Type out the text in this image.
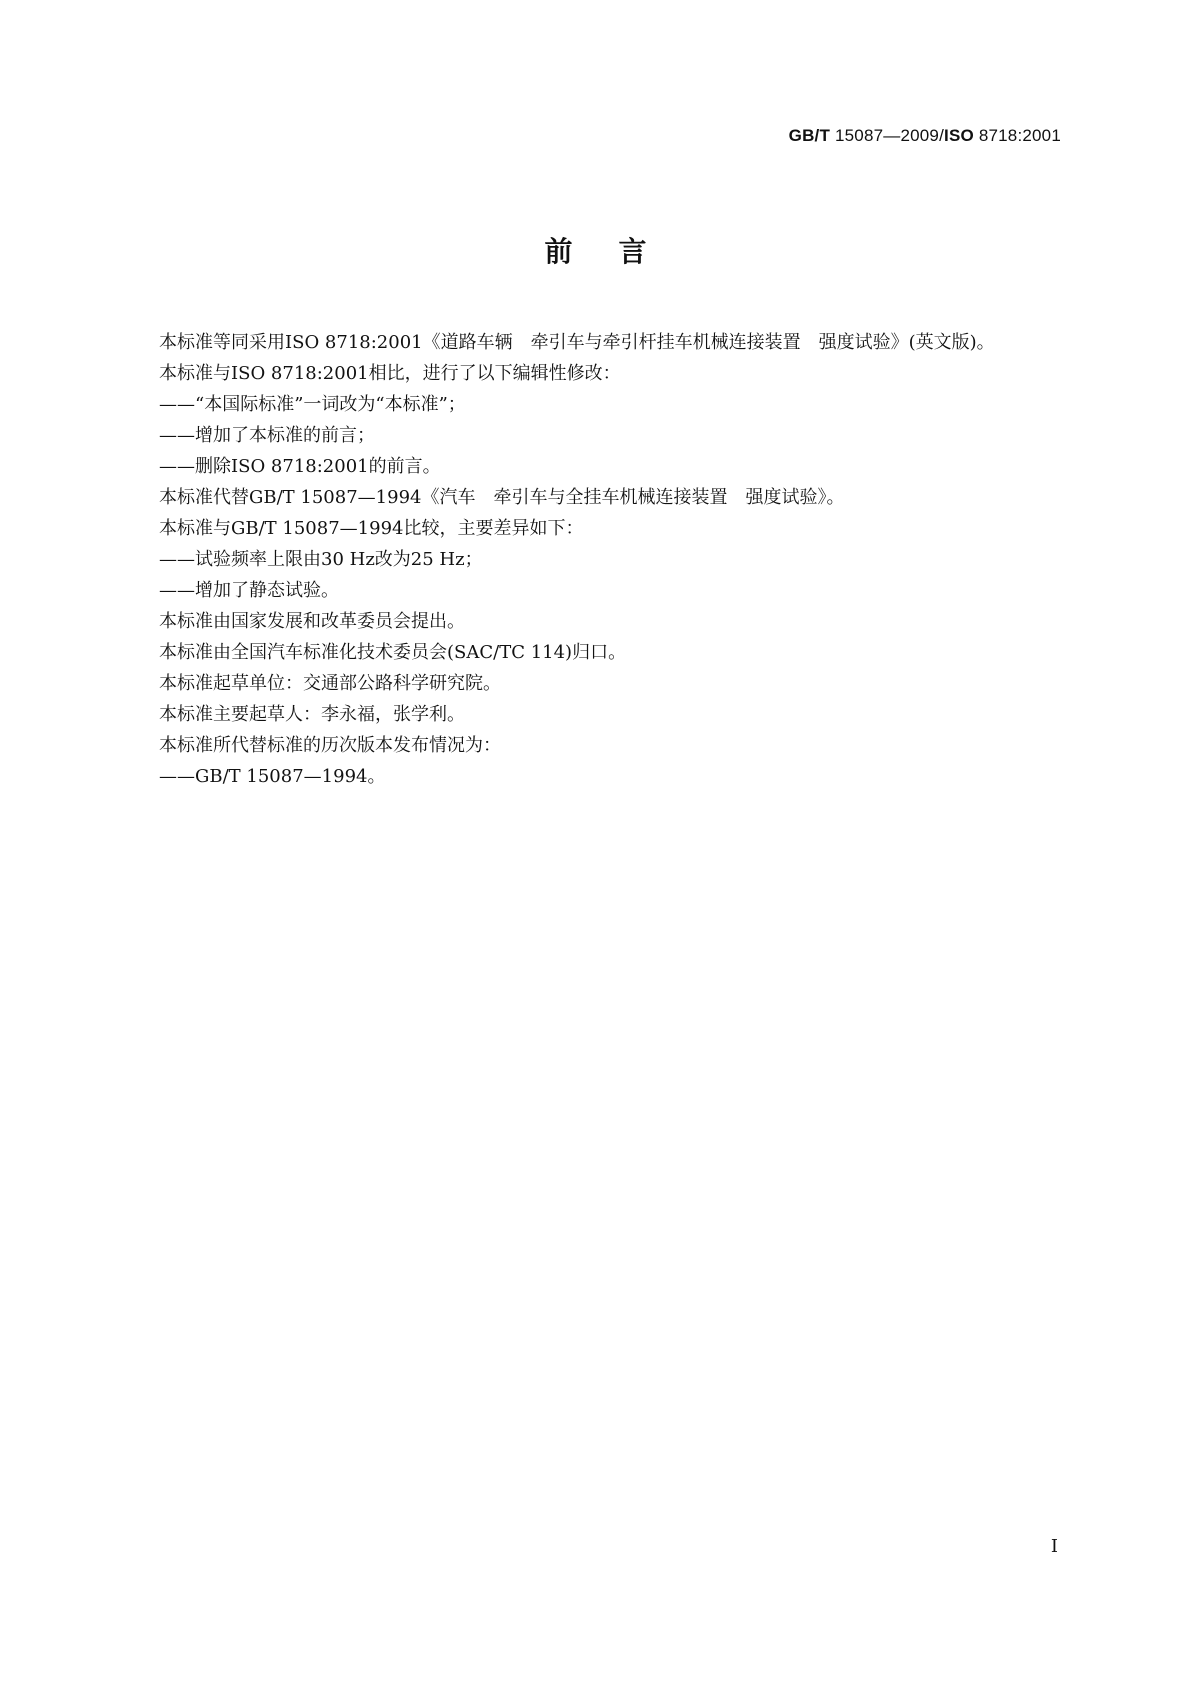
GB/T 15087—2009/ISO 8718:2001
前言

本标准等同采用ISO 8718:2001《道路车辆　牵引车与牵引杆挂车机械连接装置　强度试验》(英文版)。

本标准与ISO 8718:2001相比，进行了以下编辑性修改：

——“本国际标准”一词改为“本标准”；

——增加了本标准的前言；

——删除ISO 8718:2001的前言。

本标准代替GB/T 15087—1994《汽车　牵引车与全挂车机械连接装置　强度试验》。

本标准与GB/T 15087—1994比较，主要差异如下：

——试验频率上限由30 Hz改为25 Hz；

——增加了静态试验。

本标准由国家发展和改革委员会提出。

本标准由全国汽车标准化技术委员会(SAC/TC 114)归口。

本标准起草单位：交通部公路科学研究院。

本标准主要起草人：李永福，张学利。

本标准所代替标准的历次版本发布情况为：

——GB/T 15087—1994。

I
